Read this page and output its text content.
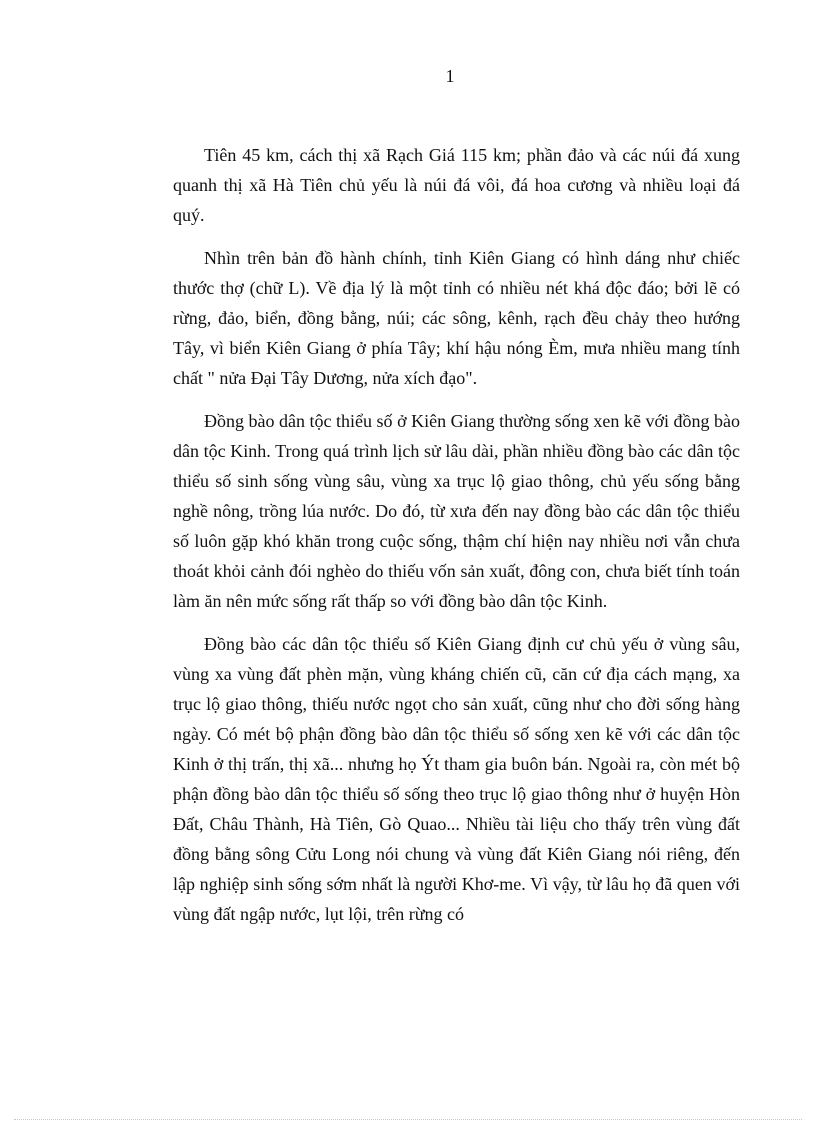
1

Tiên 45 km, cách thị xã Rạch Giá 115 km; phần đảo và các núi đá xung quanh thị xã Hà Tiên chủ yếu là núi đá vôi, đá hoa cương và nhiều loại đá quý.

Nhìn trên bản đồ hành chính, tỉnh Kiên Giang có hình dáng như chiếc thước thợ (chữ L). Về địa lý là một tỉnh có nhiều nét khá độc đáo; bởi lẽ có rừng, đảo, biển, đồng bằng, núi; các sông, kênh, rạch đều chảy theo hướng Tây, vì biển Kiên Giang ở phía Tây; khí hậu nóng Èm, mưa nhiều mang tính chất " nửa Đại Tây Dương, nửa xích đạo".

Đồng bào dân tộc thiểu số ở Kiên Giang thường sống xen kẽ với đồng bào dân tộc Kinh. Trong quá trình lịch sử lâu dài, phần nhiều đồng bào các dân tộc thiểu số sinh sống vùng sâu, vùng xa trục lộ giao thông, chủ yếu sống bằng nghề nông, trồng lúa nước. Do đó, từ xưa đến nay đồng bào các dân tộc thiểu số luôn gặp khó khăn trong cuộc sống, thậm chí hiện nay nhiều nơi vẫn chưa thoát khỏi cảnh đói nghèo do thiếu vốn sản xuất, đông con, chưa biết tính toán làm ăn nên mức sống rất thấp so với đồng bào dân tộc Kinh.

Đồng bào các dân tộc thiểu số Kiên Giang định cư chủ yếu ở vùng sâu, vùng xa vùng đất phèn mặn, vùng kháng chiến cũ, căn cứ địa cách mạng, xa trục lộ giao thông, thiếu nước ngọt cho sản xuất, cũng như cho đời sống hàng ngày. Có mét bộ phận đồng bào dân tộc thiểu số sống xen kẽ với các dân tộc Kinh ở thị trấn, thị xã... nhưng họ Ýt tham gia buôn bán. Ngoài ra, còn mét bộ phận đồng bào dân tộc thiểu số sống theo trục lộ giao thông như ở huyện Hòn Đất, Châu Thành, Hà Tiên, Gò Quao... Nhiều tài liệu cho thấy trên vùng đất đồng bằng sông Cửu Long nói chung và vùng đất Kiên Giang nói riêng, đến lập nghiệp sinh sống sớm nhất là người Khơ-me. Vì vậy, từ lâu họ đã quen với vùng đất ngập nước, lụt lội, trên rừng có
